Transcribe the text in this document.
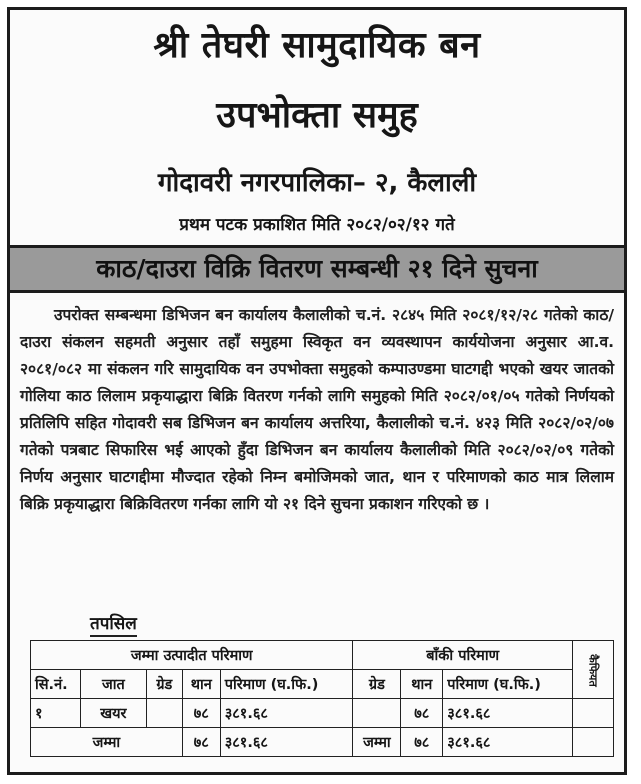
श्री तेघरी सामुदायिक बन
उपभोक्ता समुह
गोदावरी नगरपालिका– २, कैलाली
प्रथम पटक प्रकाशित मिति २०८२/०२/१२ गते
काठ/दाउरा विक्रि वितरण सम्बन्धी २१ दिने सुचना
उपरोक्त सम्बन्धमा डिभिजन बन कार्यालय कैलालीको च.नं. २८४५ मिति २०८१/१२/२८ गतेको काठ/दाउरा संकलन सहमती अनुसार तहाँ समुहमा स्विकृत वन व्यवस्थापन कार्ययोजना अनुसार आ.व. २०८१/०८२ मा संकलन गरि सामुदायिक वन उपभोक्ता समुहको कम्पाउण्डमा घाटगद्दी भएको खयर जातको गोलिया काठ लिलाम प्रकृयाद्धारा बिक्रि वितरण गर्नको लागि समुहको मिति २०८२/०१/०५ गतेको निर्णयको प्रतिलिपि सहित गोदावरी सब डिभिजन बन कार्यालय अत्तरिया, कैलालीको च.नं. ४२३ मिति २०८२/०२/०७ गतेको पत्रबाट सिफारिस भई आएको हुँदा डिभिजन बन कार्यालय कैलालीको मिति २०८२/०२/०९ गतेको निर्णय अनुसार घाटगद्दीमा मौज्दात रहेको निम्न बमोजिमको जात, थान र परिमाणको काठ मात्र लिलाम बिक्रि प्रकृयाद्धारा बिक्रिवितरण गर्नका लागि यो २१ दिने सुचना प्रकाशन गरिएको छ ।
तपसिल
जम्मा उत्पादीत परिमाण					बाँकी परिमाण			कैफियत
सि.नं.	जात	ग्रेड	थान	परिमाण (घ.फि.)	ग्रेड	थान	परिमाण (घ.फि.)	
१	खयर		७८	३८१.६८		७८	३८१.६८	
जम्मा			७८	३८१.६८	जम्मा	७८	३८१.६८	
